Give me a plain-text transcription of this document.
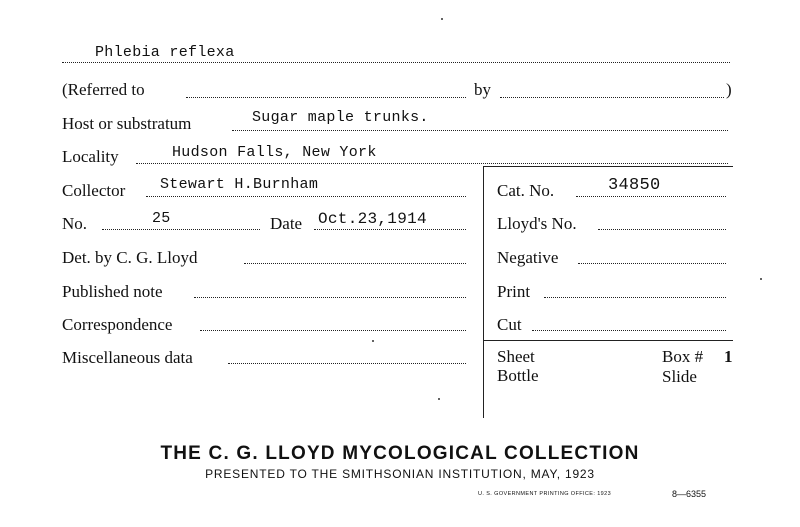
Phlebia reflexa
(Referred to	by	)
Host or substratum	Sugar maple trunks.
Locality	Hudson Falls, New York
Collector Stewart H.Burnham	Cat. No.	34850
No.	25	Date Oct.23,1914	Lloyd's No.
Det. by C. G. Lloyd	Negative
Published note	Print
Correspondence	Cut
Miscellaneous data	Sheet	Box # 1
Bottle	Slide
THE C. G. LLOYD MYCOLOGICAL COLLECTION
PRESENTED TO THE SMITHSONIAN INSTITUTION, MAY, 1923
U. S. GOVERNMENT PRINTING OFFICE: 1923	8—6355
